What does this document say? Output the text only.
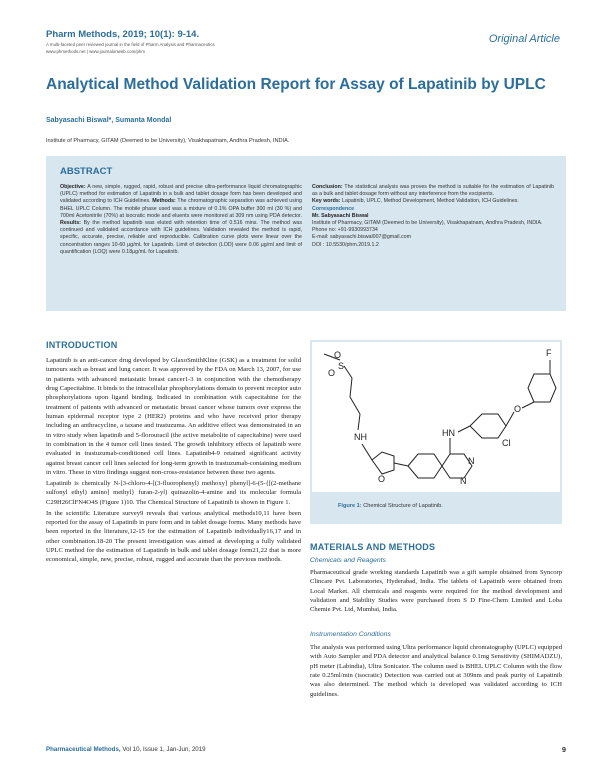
Pharm Methods, 2019; 10(1): 9-14.
A multi-faceted peer reviewed journal in the field of Pharm Analysis and Pharmaceutics
www.phmethods.net | www.journalonweb.com/phm
Original Article
Analytical Method Validation Report for Assay of Lapatinib by UPLC
Sabyasachi Biswal*, Sumanta Mondal
Institute of Pharmacy, GITAM (Deemed to be University), Visakhapatnam, Andhra Pradesh, INDIA.
ABSTRACT
Objective: A new, simple, rugged, rapid, robust and precise ultra-performance liquid chromatographic (UPLC) method for estimation of Lapatinib in a bulk and tablet dosage form has been developed and validated according to ICH Guidelines. Methods: The chromatographic separation was achieved using BHEL UPLC Column. The mobile phase used was a mixture of 0.1% OPA buffer 300 ml (30 %) and 700ml Acetonitrile (70%) at isocratic mode and eluents were monitored at 309 nm using PDA detector. Results: By the method lapatinib was eluted with retention time of 0.516 mins. The method was continued and validated accordance with ICH guidelines. Validation revealed the method is rapid, specific, accurate, precise, reliable and reproducible. Calibration curve plots were linear over the concentration ranges 10-60 µg/mL for Lapatinib. Limit of detection (LOD) were 0.06 µg/ml and limit of quantification (LOQ) were 0.18µg/mL for Lapatinib.
Conclusion: The statistical analysis was proves the method is suitable for the estimation of Lapatinib as a bulk and tablet dosage form without any interference from the excipients.
Key words: Lapatinib, UPLC, Method Development, Method Validation, ICH Guidelines.
Correspondence
Mr. Sabyasachi Biswal
Institute of Pharmacy, GITAM (Deemed to be University), Visakhapatnam, Andhra Pradesh, INDIA.
Phone no: +91-9930993734
E-mail: sabyasachi.biswal007@gmail.com
DOI : 10.5530/phm.2019.1.2
INTRODUCTION

Lapatinib is an anti-cancer drug developed by GlaxoSmithKline (GSK) as a treatment for solid tumours such as breast and lung cancer. It was approved by the FDA on March 13, 2007, for use in patients with advanced metastatic breast cancer1-3 in conjunction with the chemotherapy drug Capecitabine. It binds to the intracellular phosphorylations domain to prevent receptor auto phosphorylations upon ligand binding. Indicated in combination with capecitabine for the treatment of patients with advanced or metastatic breast cancer whose tumors over express the human epidermal receptor type 2 (HER2) proteins and who have received prior therapy including an anthracycline, a taxane and trastuzuma. An additive effect was demonstrated in an in vitro study when lapatinib and 5-florouracil (the active metabolite of capecitabine) were used in combination in the 4 tumor cell lines tested. The growth inhibitory effects of lapatinib were evaluated in trastuzumab-conditioned cell lines. Lapatinib4-9 retained significant activity against breast cancer cell lines selected for long-term growth in trastuzumab-containing medium in vitro. These in vitro findings suggest non-cross-resistance between these two agents.

Lapatinib is chemically N-[3-chloro-4-[(3-fluorophenyl) methoxy] phenyl]-6-(5-{[(2-methane sulfonyl ethyl) amino] methyl} furan-2-yl) quinazolin-4-amine and its molecular formula C29H26ClFN4O4S (Figure 1)10. The Chemical Structure of Lapatinib is shown in Figure 1.

In the scientific Literature survey9 reveals that various analytical methods10,11 have been reported for the assay of Lapatinib in pure form and in tablet dosage forms. Many methods have been reported in the literature,12-15 for the estimation of Lapatinib individually16,17 and in other combination.18-20 The present investigation was aimed at developing a fully validated UPLC method for the estimation of Lapatinib in bulk and tablet dosage form21,22 that is more economical, simple, new, precise, robust, rugged and accurate than the previous methods.

O
S
O
NH
O
HN
N
N
Cl
O
F
Figure 1: Chemical Structure of Lapatinib.
MATERIALS AND METHODS
Chemicals and Reagents
Pharmaceutical grade working standards Lapatinib was a gift sample obtained from Syncorp Clincare Pvt. Laboratories, Hyderabad, India. The tablets of Lapatinib were obtained from Local Market. All chemicals and reagents were required for the method development and validation and Stability Studies were purchased from S D Fine-Chem Limited and Loba Chemie Pvt. Ltd, Mumbai, India.
Instrumentation Conditions
The analysis was performed using Ultra performance liquid chromatography (UPLC) equipped with Auto Sampler and PDA detector and analytical balance 0.1mg Sensitivity (SHIMADZU), pH meter (Labindia), Ultra Sonicator. The column used is BHEL UPLC Column with the flow rate 0.25ml/min (isocratic) Detection was carried out at 309nm and peak purity of Lapatinib was also determined. The method which is developed was validated according to ICH guidelines.
Pharmaceutical Methods, Vol 10, Issue 1, Jan-Jun, 2019	9
